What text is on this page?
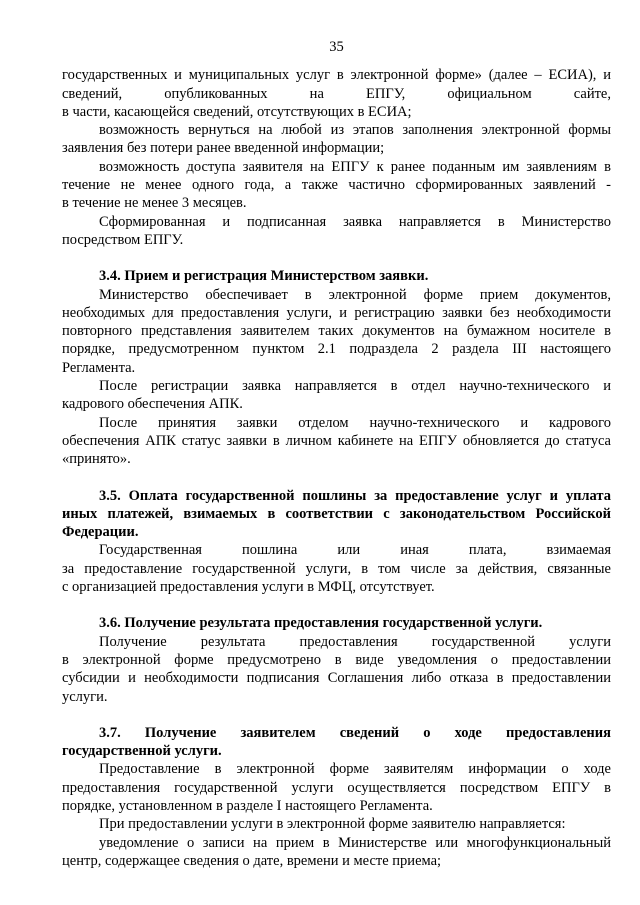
35

государственных и муниципальных услуг в электронной форме» (далее – ЕСИА), и

сведений, опубликованных на ЕПГУ, официальном сайте,

в части, касающейся сведений, отсутствующих в ЕСИА;

возможность вернуться на любой из этапов заполнения электронной формы

заявления без потери ранее введенной информации;

возможность доступа заявителя на ЕПГУ к ранее поданным им заявлениям в

течение не менее одного года, а также частично сформированных заявлений -

в течение не менее 3 месяцев.

Сформированная и подписанная заявка направляется в Министерство

посредством ЕПГУ.

3.4. Прием и регистрация Министерством заявки.

Министерство обеспечивает в электронной форме прием документов,

необходимых для предоставления услуги, и регистрацию заявки без необходимости

повторного представления заявителем таких документов на бумажном носителе в

порядке, предусмотренном пунктом 2.1 подраздела 2 раздела III настоящего

Регламента.

После регистрации заявка направляется в отдел научно-технического и

кадрового обеспечения АПК.

После принятия заявки отделом научно-технического и кадрового

обеспечения АПК статус заявки в личном кабинете на ЕПГУ обновляется до статуса

«принято».

3.5. Оплата государственной пошлины за предоставление услуг и уплата

иных платежей, взимаемых в соответствии с законодательством Российской

Федерации.

Государственная пошлина или иная плата, взимаемая

за предоставление государственной услуги, в том числе за действия, связанные

с организацией предоставления услуги в МФЦ, отсутствует.

3.6. Получение результата предоставления государственной услуги.

Получение результата предоставления государственной услуги

в электронной форме предусмотрено в виде уведомления о предоставлении

субсидии и необходимости подписания Соглашения либо отказа в предоставлении

услуги.

3.7. Получение заявителем сведений о ходе предоставления

государственной услуги.

Предоставление в электронной форме заявителям информации о ходе

предоставления государственной услуги осуществляется посредством ЕПГУ в

порядке, установленном в разделе I настоящего Регламента.

При предоставлении услуги в электронной форме заявителю направляется:

уведомление о записи на прием в Министерстве или многофункциональный

центр, содержащее сведения о дате, времени и месте приема;
